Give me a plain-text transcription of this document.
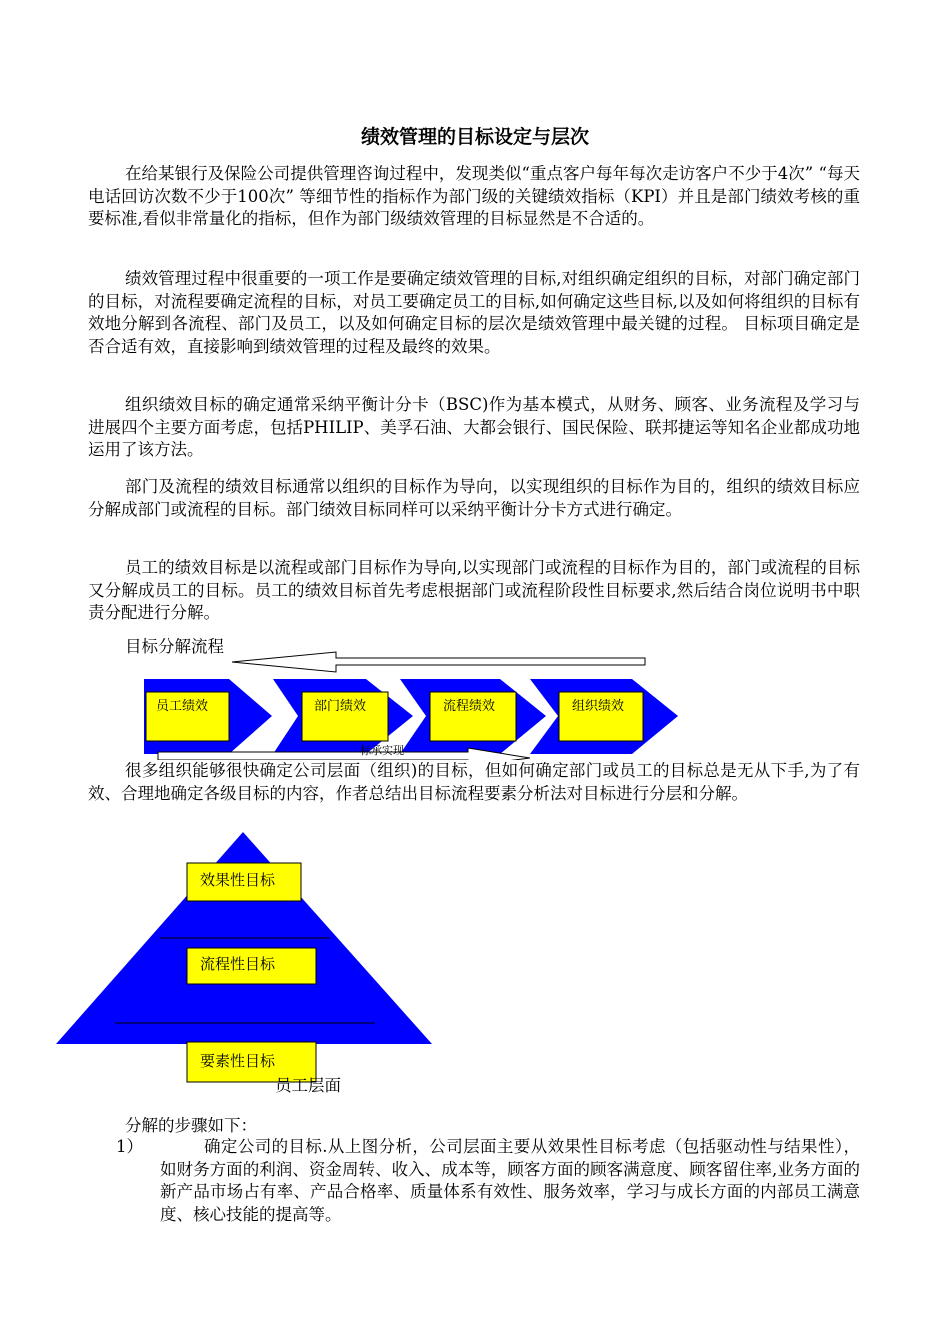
绩效管理的目标设定与层次
在给某银行及保险公司提供管理咨询过程中，发现类似“重点客户每年每次走访客户不少于4次” “每天电话回访次数不少于100次” 等细节性的指标作为部门级的关键绩效指标（KPI）并且是部门绩效考核的重要标准,看似非常量化的指标，但作为部门级绩效管理的目标显然是不合适的。
绩效管理过程中很重要的一项工作是要确定绩效管理的目标,对组织确定组织的目标，对部门确定部门的目标，对流程要确定流程的目标，对员工要确定员工的目标,如何确定这些目标,以及如何将组织的目标有效地分解到各流程、部门及员工，以及如何确定目标的层次是绩效管理中最关键的过程。 目标项目确定是否合适有效，直接影响到绩效管理的过程及最终的效果。
组织绩效目标的确定通常采纳平衡计分卡（BSC)作为基本模式，从财务、顾客、业务流程及学习与进展四个主要方面考虑，包括PHILIP、美孚石油、大都会银行、国民保险、联邦捷运等知名企业都成功地运用了该方法。
部门及流程的绩效目标通常以组织的目标作为导向，以实现组织的目标作为目的，组织的绩效目标应分解成部门或流程的目标。部门绩效目标同样可以采纳平衡计分卡方式进行确定。
员工的绩效目标是以流程或部门目标作为导向,以实现部门或流程的目标作为目的，部门或流程的目标又分解成员工的目标。员工的绩效目标首先考虑根据部门或流程阶段性目标要求,然后结合岗位说明书中职责分配进行分解。
目标分解流程
员工绩效	部门绩效	流程绩效	组织绩效
标承实现
很多组织能够很快确定公司层面（组织)的目标，但如何确定部门或员工的目标总是无从下手,为了有效、合理地确定各级目标的内容，作者总结出目标流程要素分析法对目标进行分层和分解。
效果性目标
流程性目标
要素性目标
员工层面
分解的步骤如下：
1）	确定公司的目标.从上图分析，公司层面主要从效果性目标考虑（包括驱动性与结果性），如财务方面的利润、资金周转、收入、成本等，顾客方面的顾客满意度、顾客留住率,业务方面的新产品市场占有率、产品合格率、质量体系有效性、服务效率，学习与成长方面的内部员工满意度、核心技能的提高等。
